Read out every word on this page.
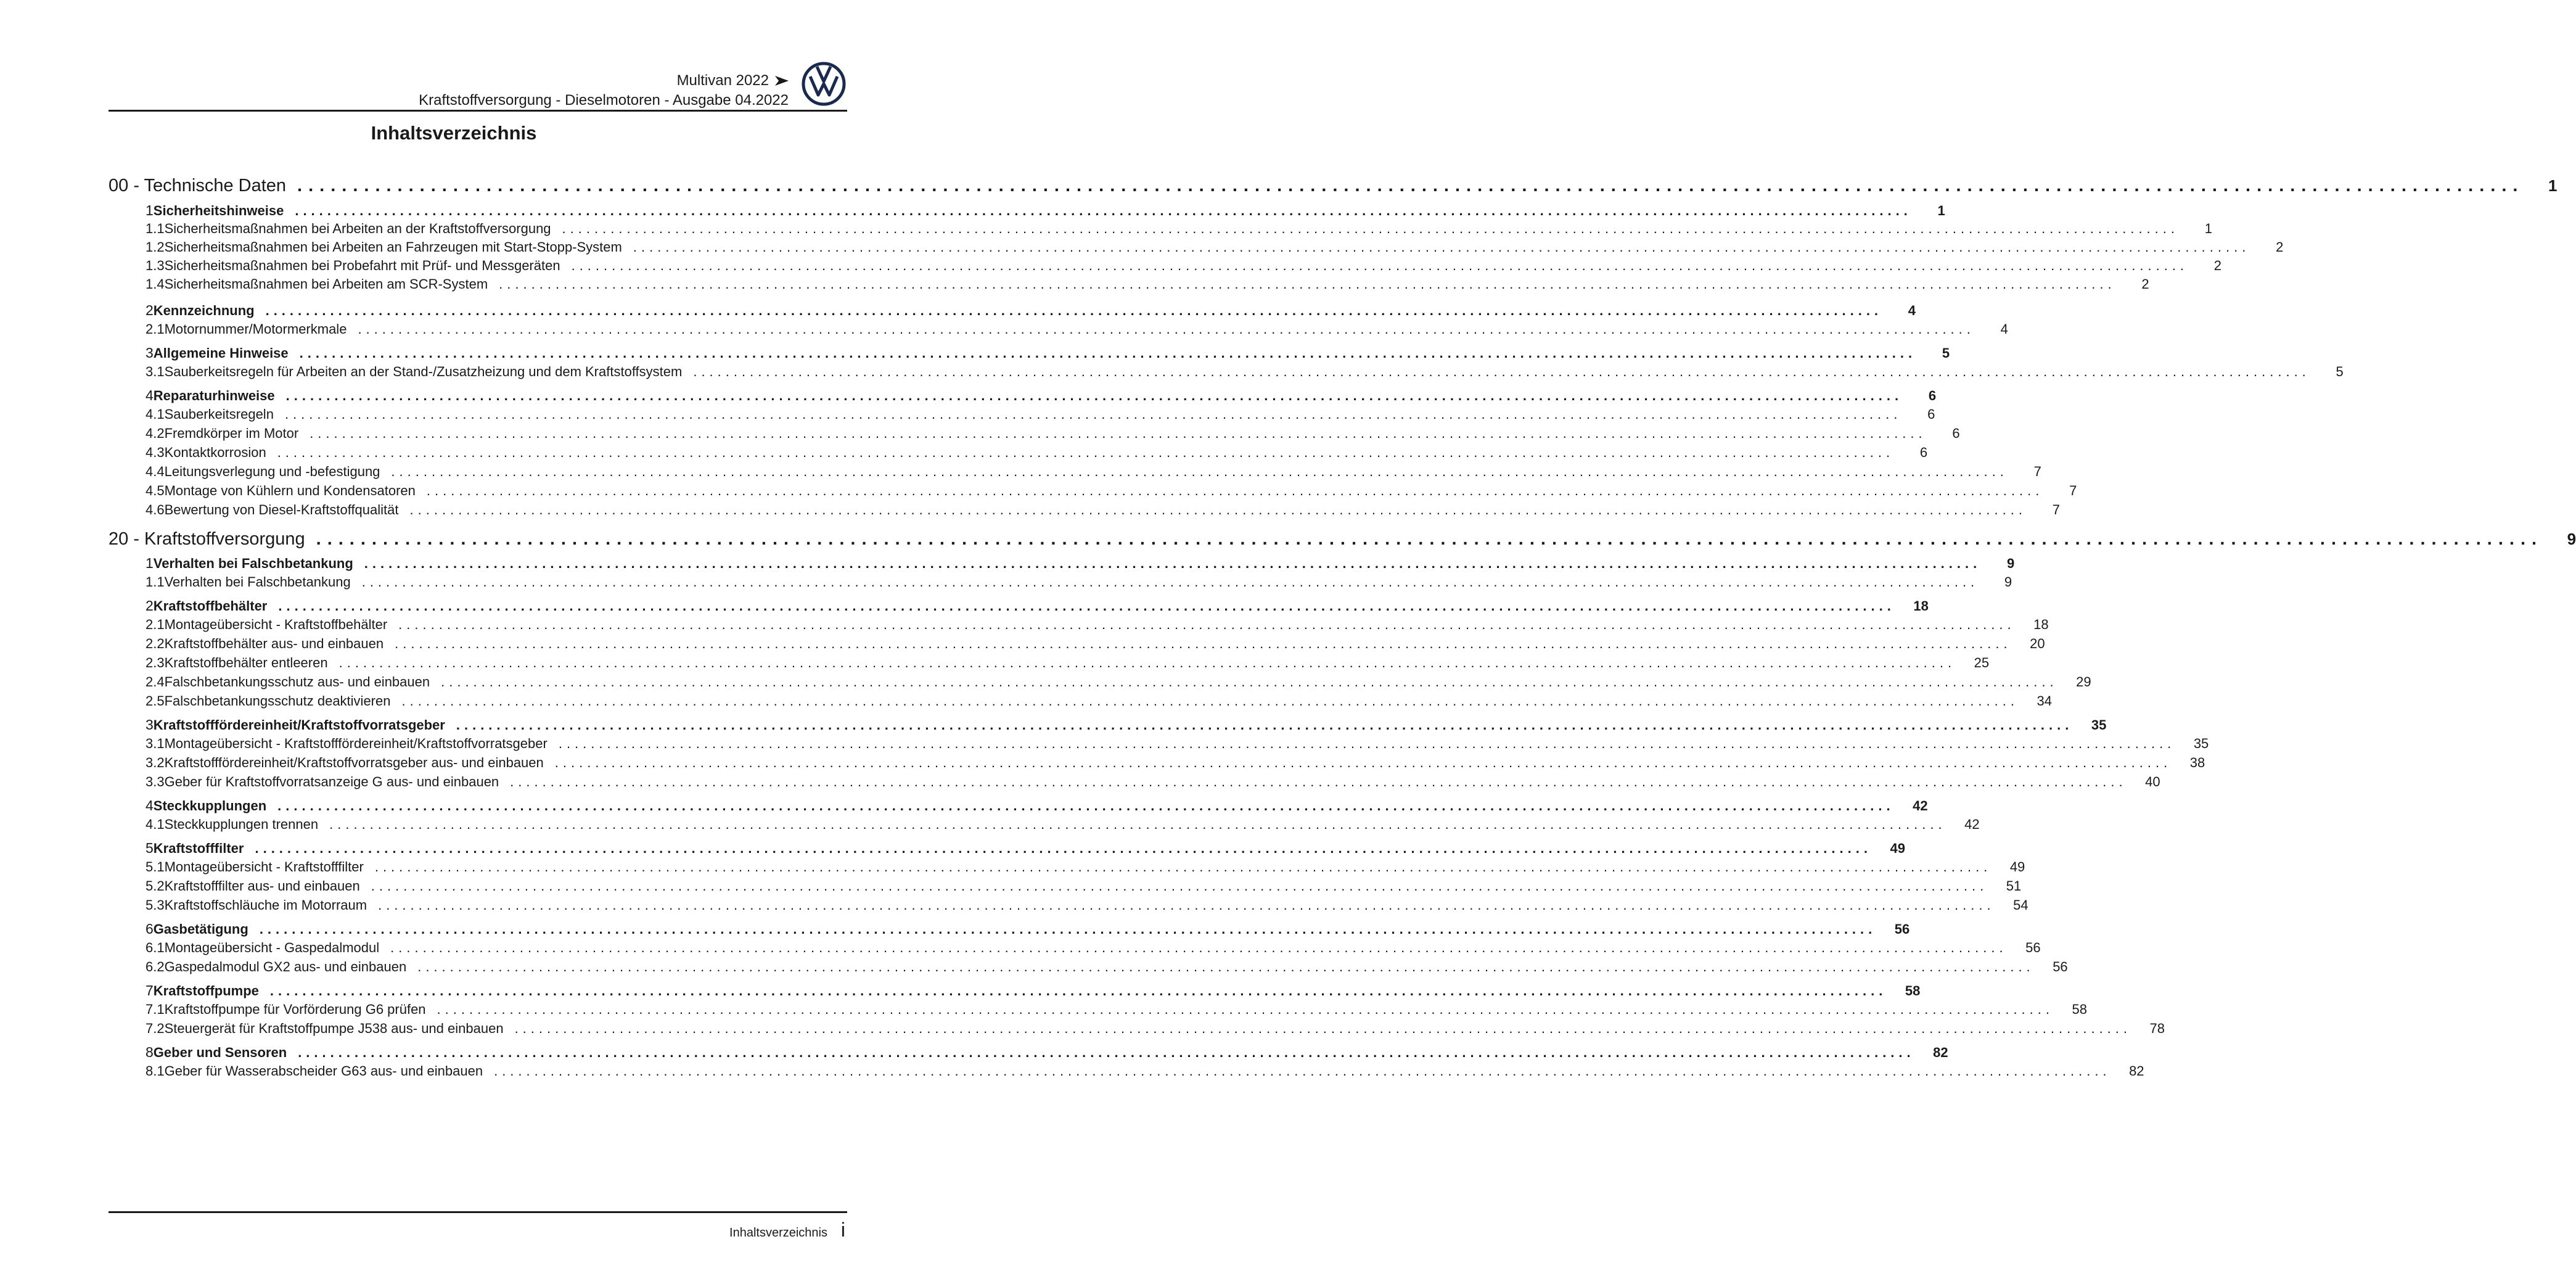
Multivan 2022
Kraftstoffversorgung - Dieselmotoren - Ausgabe 04.2022
Inhaltsverzeichnis
00 - Technische Daten ........................................................................................................................................................................................................	1
1 Sicherheitshinweise ........................................................................................................................................................................................................	1
1.1 Sicherheitsmaßnahmen bei Arbeiten an der Kraftstoffversorgung ........................................................................................................................................................................................................	1
1.2 Sicherheitsmaßnahmen bei Arbeiten an Fahrzeugen mit Start-Stopp-System ........................................................................................................................................................................................................	2
1.3 Sicherheitsmaßnahmen bei Probefahrt mit Prüf- und Messgeräten ........................................................................................................................................................................................................	2
1.4 Sicherheitsmaßnahmen bei Arbeiten am SCR-System ........................................................................................................................................................................................................	2
2 Kennzeichnung ........................................................................................................................................................................................................	4
2.1 Motornummer/Motormerkmale ........................................................................................................................................................................................................	4
3 Allgemeine Hinweise ........................................................................................................................................................................................................	5
3.1 Sauberkeitsregeln für Arbeiten an der Stand-/Zusatzheizung und dem Kraftstoffsystem ........................................................................................................................................................................................................	5
4 Reparaturhinweise ........................................................................................................................................................................................................	6
4.1 Sauberkeitsregeln ........................................................................................................................................................................................................	6
4.2 Fremdkörper im Motor ........................................................................................................................................................................................................	6
4.3 Kontaktkorrosion ........................................................................................................................................................................................................	6
4.4 Leitungsverlegung und -befestigung ........................................................................................................................................................................................................	7
4.5 Montage von Kühlern und Kondensatoren ........................................................................................................................................................................................................	7
4.6 Bewertung von Diesel-Kraftstoffqualität ........................................................................................................................................................................................................	7
20 - Kraftstoffversorgung ........................................................................................................................................................................................................	9
1 Verhalten bei Falschbetankung ........................................................................................................................................................................................................	9
1.1 Verhalten bei Falschbetankung ........................................................................................................................................................................................................	9
2 Kraftstoffbehälter ........................................................................................................................................................................................................	18
2.1 Montageübersicht - Kraftstoffbehälter ........................................................................................................................................................................................................	18
2.2 Kraftstoffbehälter aus- und einbauen ........................................................................................................................................................................................................	20
2.3 Kraftstoffbehälter entleeren ........................................................................................................................................................................................................	25
2.4 Falschbetankungsschutz aus- und einbauen ........................................................................................................................................................................................................	29
2.5 Falschbetankungsschutz deaktivieren ........................................................................................................................................................................................................	34
3 Kraftstofffördereinheit/Kraftstoffvorratsgeber ........................................................................................................................................................................................................	35
3.1 Montageübersicht - Kraftstofffördereinheit/Kraftstoffvorratsgeber ........................................................................................................................................................................................................	35
3.2 Kraftstofffördereinheit/Kraftstoffvorratsgeber aus- und einbauen ........................................................................................................................................................................................................	38
3.3 Geber für Kraftstoffvorratsanzeige G aus- und einbauen ........................................................................................................................................................................................................	40
4 Steckkupplungen ........................................................................................................................................................................................................	42
4.1 Steckkupplungen trennen ........................................................................................................................................................................................................	42
5 Kraftstofffilter ........................................................................................................................................................................................................	49
5.1 Montageübersicht - Kraftstofffilter ........................................................................................................................................................................................................	49
5.2 Kraftstofffilter aus- und einbauen ........................................................................................................................................................................................................	51
5.3 Kraftstoffschläuche im Motorraum ........................................................................................................................................................................................................	54
6 Gasbetätigung ........................................................................................................................................................................................................	56
6.1 Montageübersicht - Gaspedalmodul ........................................................................................................................................................................................................	56
6.2 Gaspedalmodul GX2 aus- und einbauen ........................................................................................................................................................................................................	56
7 Kraftstoffpumpe ........................................................................................................................................................................................................	58
7.1 Kraftstoffpumpe für Vorförderung G6 prüfen ........................................................................................................................................................................................................	58
7.2 Steuergerät für Kraftstoffpumpe J538 aus- und einbauen ........................................................................................................................................................................................................	78
8 Geber und Sensoren ........................................................................................................................................................................................................	82
8.1 Geber für Wasserabscheider G63 aus- und einbauen ........................................................................................................................................................................................................	82
Inhaltsverzeichnis i
